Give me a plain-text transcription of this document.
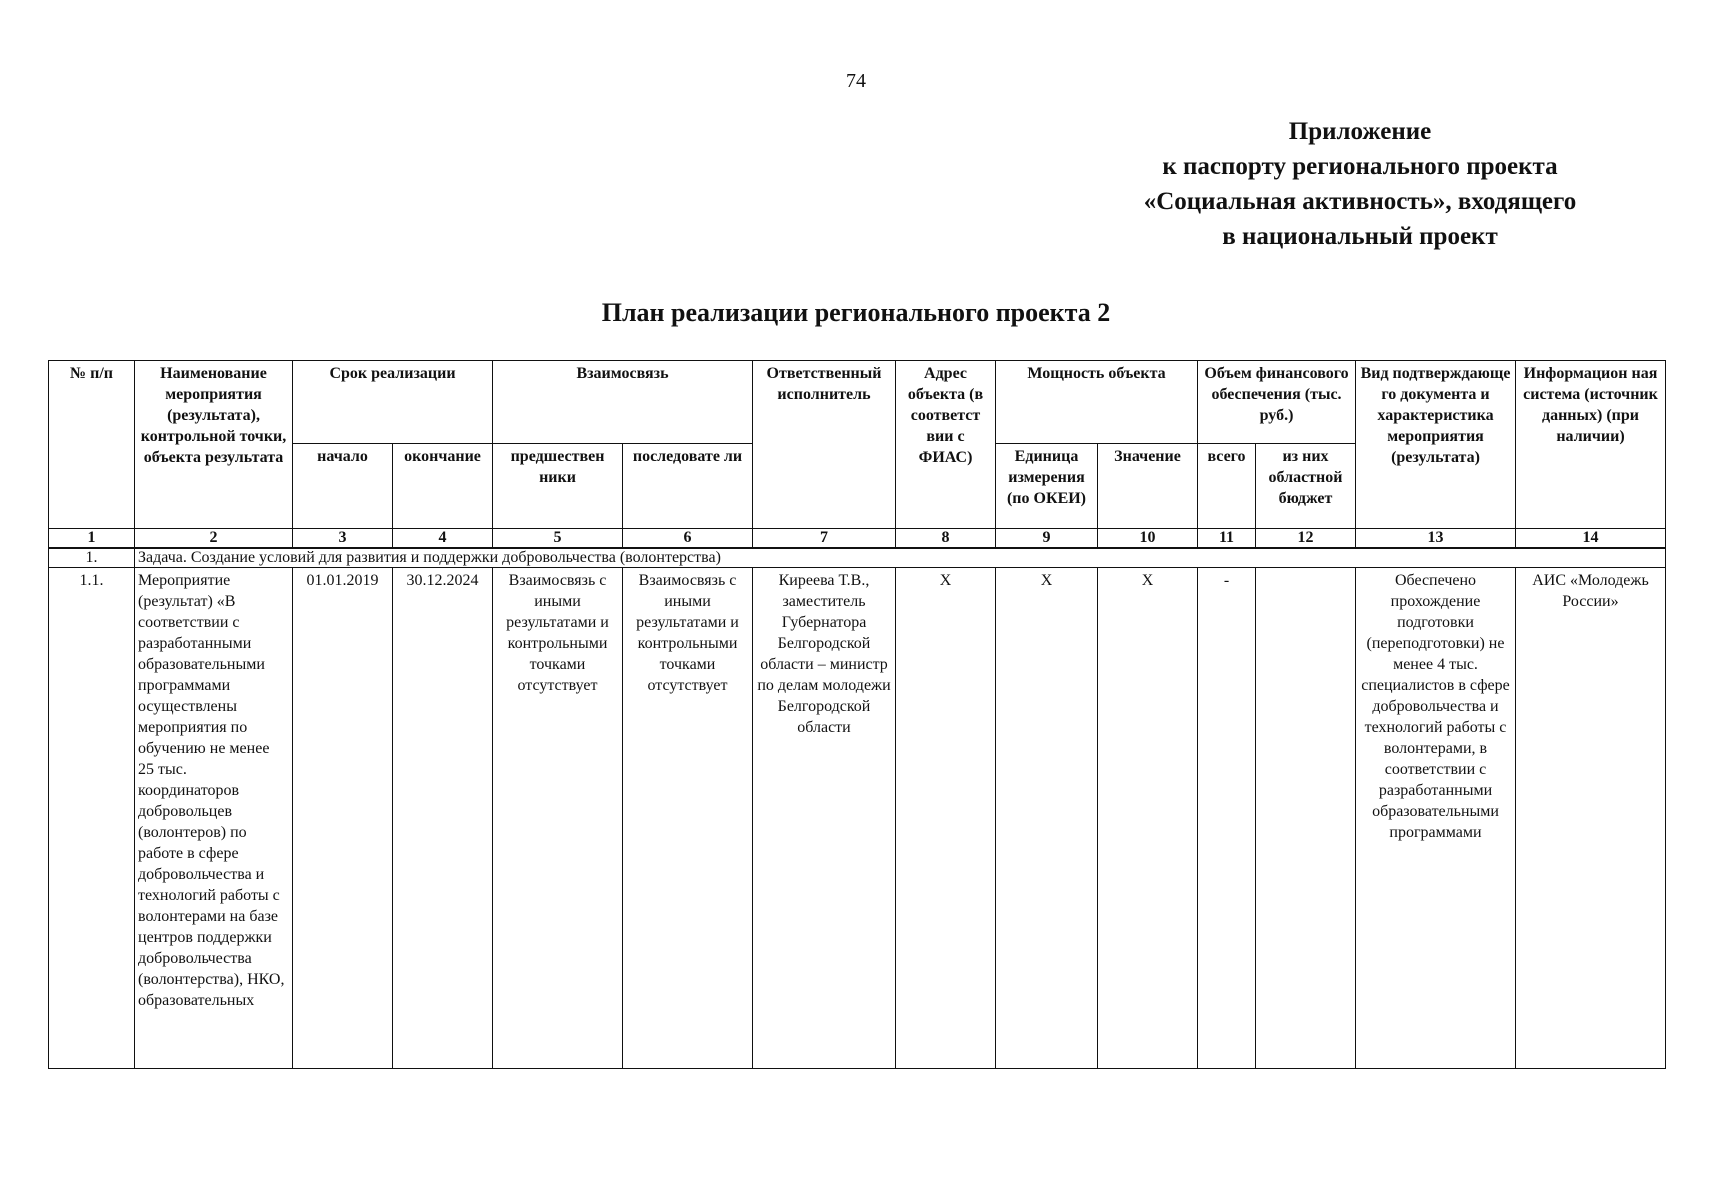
74
Приложение
к паспорту регионального проекта
«Социальная активность», входящего
в национальный проект
План реализации регионального проекта 2
№ п/п	Наименование мероприятия (результата), контрольной точки, объекта результата	Срок реализации		Взаимосвязь		Ответственный исполнитель	Адрес объекта (в соответст вии с ФИАС)	Мощность объекта		Объем финансового обеспечения (тыс. руб.)		Вид подтверждающе го документа и характеристика мероприятия (результата)	Информацион ная система (источник данных) (при наличии)
		начало	окончание	предшествен ники	последовате ли			Единица измерения (по ОКЕИ)	Значение	всего	из них областной бюджет		
1	2	3	4	5	6	7	8	9	10	11	12	13	14
1.	Задача. Создание условий для развития и поддержки добровольчества (волонтерства)												
1.1.	Мероприятие (результат) «В соответствии с разработанными образовательными программами осуществлены мероприятия по обучению не менее 25 тыс. координаторов добровольцев (волонтеров) по работе в сфере добровольчества и технологий работы с волонтерами на базе центров поддержки добровольчества (волонтерства), НКО, образовательных	01.01.2019	30.12.2024	Взаимосвязь с иными результатами и контрольными точками отсутствует	Взаимосвязь с иными результатами и контрольными точками отсутствует	Киреева Т.В., заместитель Губернатора Белгородской области – министр по делам молодежи Белгородской области	X	X	X	-		Обеспечено прохождение подготовки (переподготовки) не менее 4 тыс. специалистов в сфере добровольчества и технологий работы с волонтерами, в соответствии с разработанными образовательными программами	АИС «Молодежь России»
